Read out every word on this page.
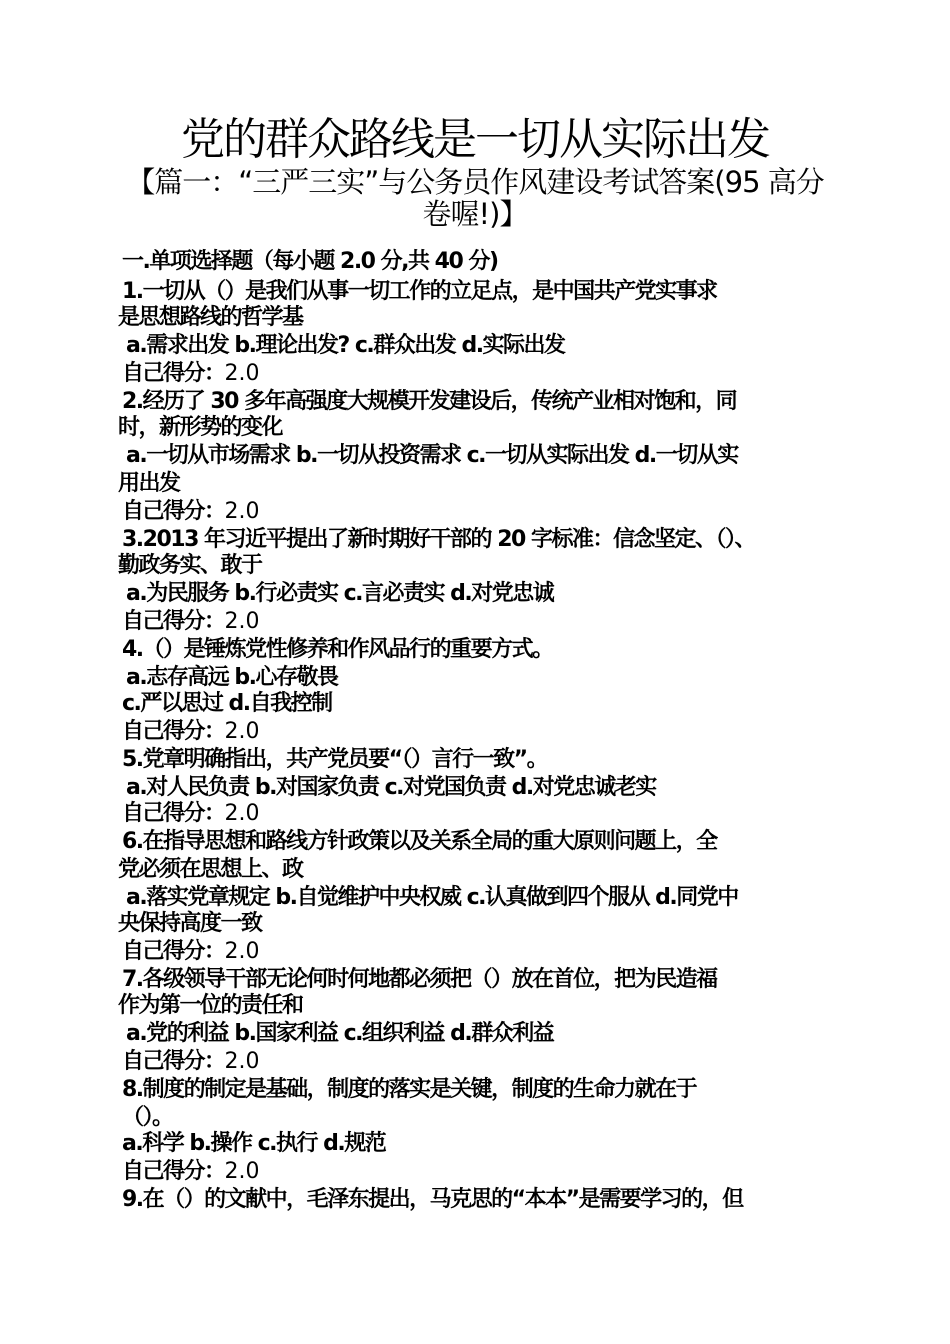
党的群众路线是一切从实际出发
【篇一：“三严三实”与公务员作风建设考试答案(95 高分
卷喔!)】
一.单项选择题（每小题 2.0 分,共 40 分)
1.一切从（）是我们从事一切工作的立足点，是中国共产党实事求
是思想路线的哲学基
a.需求出发 b.理论出发? c.群众出发 d.实际出发
自己得分：2.0
2.经历了 30 多年高强度大规模开发建设后，传统产业相对饱和，同
时，新形势的变化
a.一切从市场需求 b.一切从投资需求 c.一切从实际出发 d.一切从实
用出发
自己得分：2.0
3.2013 年习近平提出了新时期好干部的 20 字标准：信念坚定、（）、
勤政务实、敢于
a.为民服务 b.行必责实 c.言必责实 d.对党忠诚
自己得分：2.0
4.（）是锤炼党性修养和作风品行的重要方式。
a.志存高远 b.心存敬畏
c.严以思过 d.自我控制
自己得分：2.0
5.党章明确指出，共产党员要“（）言行一致”。
a.对人民负责 b.对国家负责 c.对党国负责 d.对党忠诚老实
自己得分：2.0
6.在指导思想和路线方针政策以及关系全局的重大原则问题上，全
党必须在思想上、政
a.落实党章规定 b.自觉维护中央权威 c.认真做到四个服从 d.同党中
央保持高度一致
自己得分：2.0
7.各级领导干部无论何时何地都必须把（）放在首位，把为民造福
作为第一位的责任和
a.党的利益 b.国家利益 c.组织利益 d.群众利益
自己得分：2.0
8.制度的制定是基础，制度的落实是关键，制度的生命力就在于
（）。
a.科学 b.操作 c.执行 d.规范
自己得分：2.0
9.在（）的文献中，毛泽东提出，马克思的“本本”是需要学习的，但
